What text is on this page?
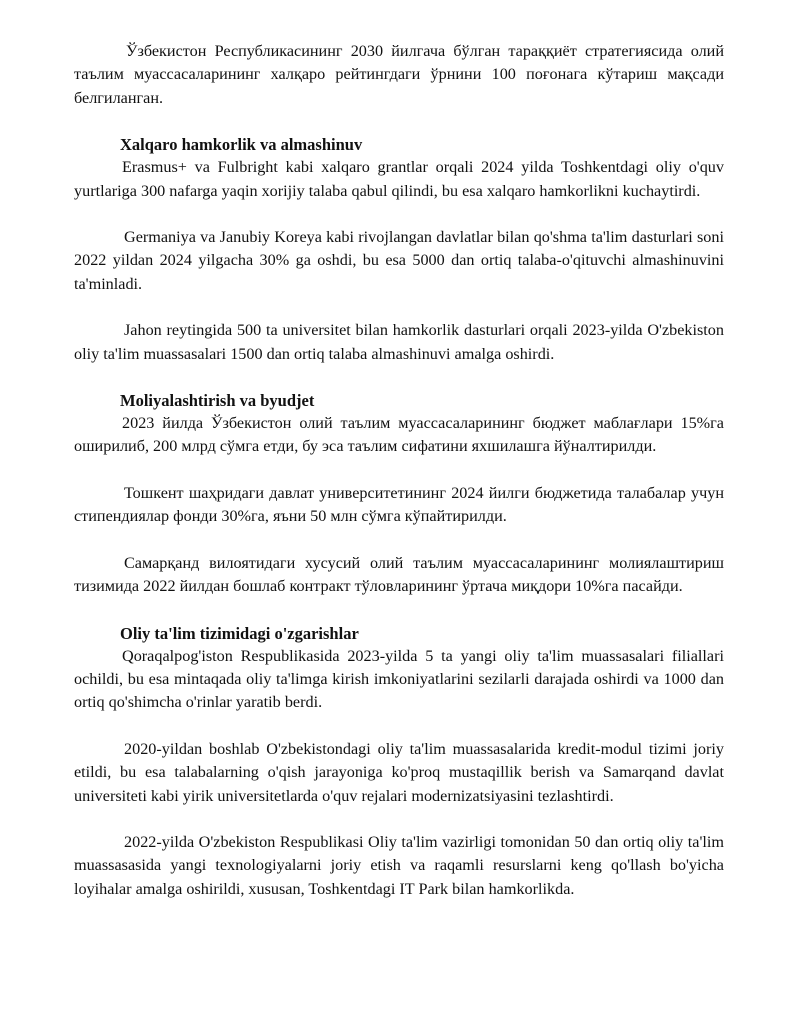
Ўзбекистон Республикасининг 2030 йилгача бўлган тараққиёт стратегиясида олий таълим муассасаларининг халқаро рейтингдаги ўрнини 100 поғонага кўтариш мақсади белгиланган.

Xalqaro hamkorlik va almashinuv

Erasmus+ va Fulbright kabi xalqaro grantlar orqali 2024 yilda Toshkentdagi oliy o'quv yurtlariga 300 nafarga yaqin xorijiy talaba qabul qilindi, bu esa xalqaro hamkorlikni kuchaytirdi.

Germaniya va Janubiy Koreya kabi rivojlangan davlatlar bilan qo'shma ta'lim dasturlari soni 2022 yildan 2024 yilgacha 30% ga oshdi, bu esa 5000 dan ortiq talaba-o'qituvchi almashinuvini ta'minladi.

Jahon reytingida 500 ta universitet bilan hamkorlik dasturlari orqali 2023-yilda O'zbekiston oliy ta'lim muassasalari 1500 dan ortiq talaba almashinuvi amalga oshirdi.

Moliyalashtirish va byudjet

2023 йилда Ўзбекистон олий таълим муассасаларининг бюджет маблағлари 15%га оширилиб, 200 млрд сўмга етди, бу эса таълим сифатини яхшилашга йўналтирилди.

Тошкент шаҳридаги давлат университетининг 2024 йилги бюджетида талабалар учун стипендиялар фонди 30%га, яъни 50 млн сўмга кўпайтирилди.

Самарқанд вилоятидаги хусусий олий таълим муассасаларининг молиялаштириш тизимида 2022 йилдан бошлаб контракт тўловларининг ўртача миқдори 10%га пасайди.

Oliy ta'lim tizimidagi o'zgarishlar

Qoraqalpog'iston Respublikasida 2023-yilda 5 ta yangi oliy ta'lim muassasalari filiallari ochildi, bu esa mintaqada oliy ta'limga kirish imkoniyatlarini sezilarli darajada oshirdi va 1000 dan ortiq qo'shimcha o'rinlar yaratib berdi.

2020-yildan boshlab O'zbekistondagi oliy ta'lim muassasalarida kredit-modul tizimi joriy etildi, bu esa talabalarning o'qish jarayoniga ko'proq mustaqillik berish va Samarqand davlat universiteti kabi yirik universitetlarda o'quv rejalari modernizatsiyasini tezlashtirdi.

2022-yilda O'zbekiston Respublikasi Oliy ta'lim vazirligi tomonidan 50 dan ortiq oliy ta'lim muassasasida yangi texnologiyalarni joriy etish va raqamli resurslarni keng qo'llash bo'yicha loyihalar amalga oshirildi, xususan, Toshkentdagi IT Park bilan hamkorlikda.
